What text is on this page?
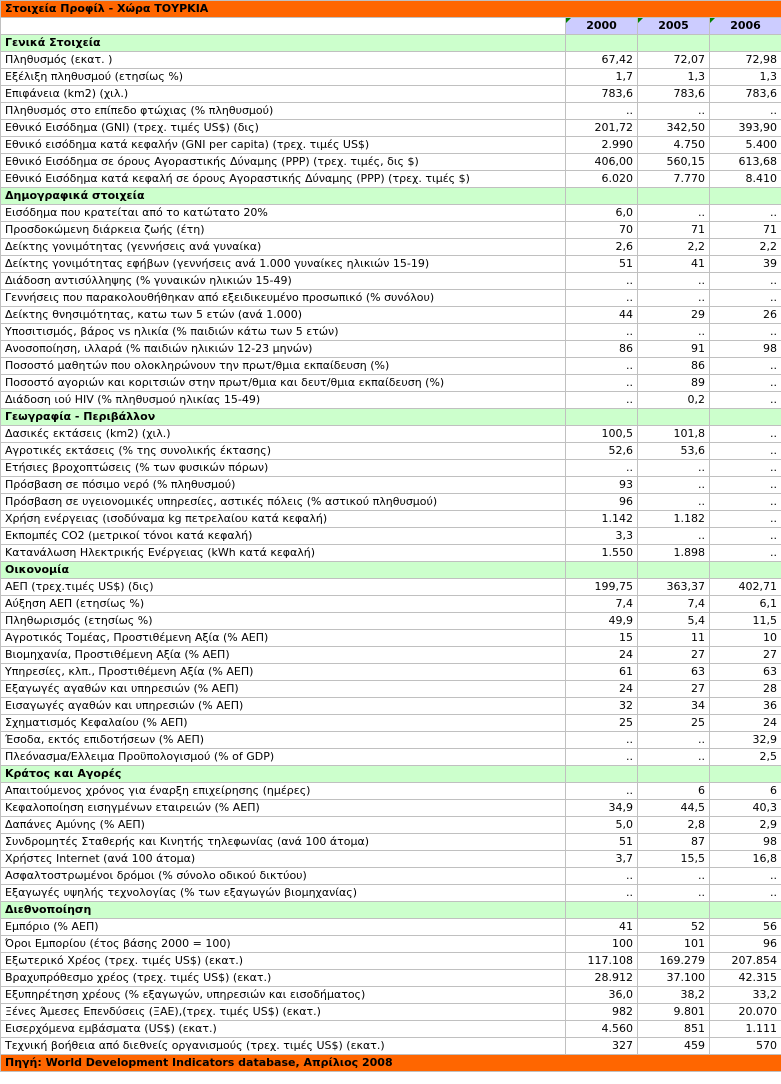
Στοιχεία Προφίλ - Χώρα ΤΟΥΡΚΙΑ			
	2000	2005	2006
Γενικά Στοιχεία			
Πληθυσμός (εκατ. )	67,42	72,07	72,98
Εξέλιξη πληθυσμού (ετησίως %)	1,7	1,3	1,3
Επιφάνεια (km2) (χιλ.)	783,6	783,6	783,6
Πληθυσμός στο επίπεδο φτώχιας (% πληθυσμού)	..	..	..
Εθνικό Εισόδημα (GNI) (τρεχ. τιμές US$) (δις)	201,72	342,50	393,90
Εθνικό εισόδημα κατά κεφαλήν (GNI per capita) (τρεχ. τιμές US$)	2.990	4.750	5.400
Εθνικό Εισόδημα σε όρους Αγοραστικής Δύναμης (PPP) (τρεχ. τιμές, δις $)	406,00	560,15	613,68
Εθνικό Εισόδημα κατά κεφαλή σε όρους Αγοραστικής Δύναμης (PPP) (τρεχ. τιμές $)	6.020	7.770	8.410
Δημογραφικά στοιχεία			
Εισόδημα που κρατείται από το κατώτατο 20%	6,0	..	..
Προσδοκώμενη διάρκεια ζωής (έτη)	70	71	71
Δείκτης γονιμότητας (γεννήσεις ανά γυναίκα)	2,6	2,2	2,2
Δείκτης γονιμότητας εφήβων (γεννήσεις ανά 1.000 γυναίκες ηλικιών 15-19)	51	41	39
Διάδοση αντισύλληψης (% γυναικών ηλικιών 15-49)	..	..	..
Γεννήσεις που παρακολουθήθηκαν από εξειδικευμένο προσωπικό (% συνόλου)	..	..	..
Δείκτης θνησιμότητας, κατω των 5 ετών (ανά 1.000)	44	29	26
Υποσιτισμός, βάρος vs ηλικία (% παιδιών κάτω των 5 ετών)	..	..	..
Ανοσοποίηση, ιλλαρά (% παιδιών ηλικιών 12-23 μηνών)	86	91	98
Ποσοστό μαθητών που ολοκληρώνουν την πρωτ/θμια εκπαίδευση (%)	..	86	..
Ποσοστό αγοριών και κοριτσιών στην πρωτ/θμια και δευτ/θμια εκπαίδευση (%)	..	89	..
Διάδοση ιού HIV (% πληθυσμού ηλικίας 15-49)	..	0,2	..
Γεωγραφία - Περιβάλλον			
Δασικές εκτάσεις (km2) (χιλ.)	100,5	101,8	..
Αγροτικές εκτάσεις (% της συνολικής έκτασης)	52,6	53,6	..
Ετήσιες βροχοπτώσεις (% των φυσικών πόρων)	..	..	..
Πρόσβαση σε πόσιμο νερό (% πληθυσμού)	93	..	..
Πρόσβαση σε υγειονομικές υπηρεσίες, αστικές πόλεις (% αστικού πληθυσμού)	96	..	..
Χρήση ενέργειας (ισοδύναμα kg πετρελαίου κατά κεφαλή)	1.142	1.182	..
Εκπομπές CO2 (μετρικοί τόνοι κατά κεφαλή)	3,3	..	..
Κατανάλωση Ηλεκτρικής Ενέργειας (kWh κατά κεφαλή)	1.550	1.898	..
Οικονομία			
ΑΕΠ (τρεχ.τιμές US$) (δις)	199,75	363,37	402,71
Αύξηση ΑΕΠ (ετησίως %)	7,4	7,4	6,1
Πληθωρισμός (ετησίως %)	49,9	5,4	11,5
Αγροτικός Τομέας, Προστιθέμενη Αξία (% ΑΕΠ)	15	11	10
Βιομηχανία, Προστιθέμενη Αξία (% ΑΕΠ)	24	27	27
Υπηρεσίες, κλπ., Προστιθέμενη Αξία (% ΑΕΠ)	61	63	63
Εξαγωγές αγαθών και υπηρεσιών (% ΑΕΠ)	24	27	28
Εισαγωγές αγαθών και υπηρεσιών (% ΑΕΠ)	32	34	36
Σχηματισμός Κεφαλαίου (% ΑΕΠ)	25	25	24
Έσοδα, εκτός επιδοτήσεων (% ΑΕΠ)	..	..	32,9
Πλεόνασμα/Ελλειμα Προϋπολογισμού (% of GDP)	..	..	2,5
Κράτος και Αγορές			
Απαιτούμενος χρόνος για έναρξη επιχείρησης (ημέρες)	..	6	6
Κεφαλοποίηση εισηγμένων εταιρειών (% ΑΕΠ)	34,9	44,5	40,3
Δαπάνες Αμύνης (% ΑΕΠ)	5,0	2,8	2,9
Συνδρομητές Σταθερής και Κινητής τηλεφωνίας (ανά 100 άτομα)	51	87	98
Χρήστες Internet (ανά 100 άτομα)	3,7	15,5	16,8
Ασφαλτοστρωμένοι δρόμοι (% σύνολο οδικού δικτύου)	..	..	..
Εξαγωγές υψηλής τεχνολογίας (% των εξαγωγών βιομηχανίας)	..	..	..
Διεθνοποίηση			
Εμπόριο (% ΑΕΠ)	41	52	56
Όροι Εμπορίου (έτος βάσης 2000 = 100)	100	101	96
Εξωτερικό Χρέος (τρεχ. τιμές US$) (εκατ.)	117.108	169.279	207.854
Βραχυπρόθεσμο χρέος (τρεχ. τιμές US$) (εκατ.)	28.912	37.100	42.315
Εξυπηρέτηση χρέους (% εξαγωγών, υπηρεσιών και εισοδήματος)	36,0	38,2	33,2
Ξένες Άμεσες Επενδύσεις (ΞΑΕ),(τρεχ. τιμές US$) (εκατ.)	982	9.801	20.070
Εισερχόμενα εμβάσματα (US$) (εκατ.)	4.560	851	1.111
Τεχνική βοήθεια από διεθνείς οργανισμούς (τρεχ. τιμές US$) (εκατ.)	327	459	570
Πηγή: World Development Indicators database, Απρίλιος 2008			
